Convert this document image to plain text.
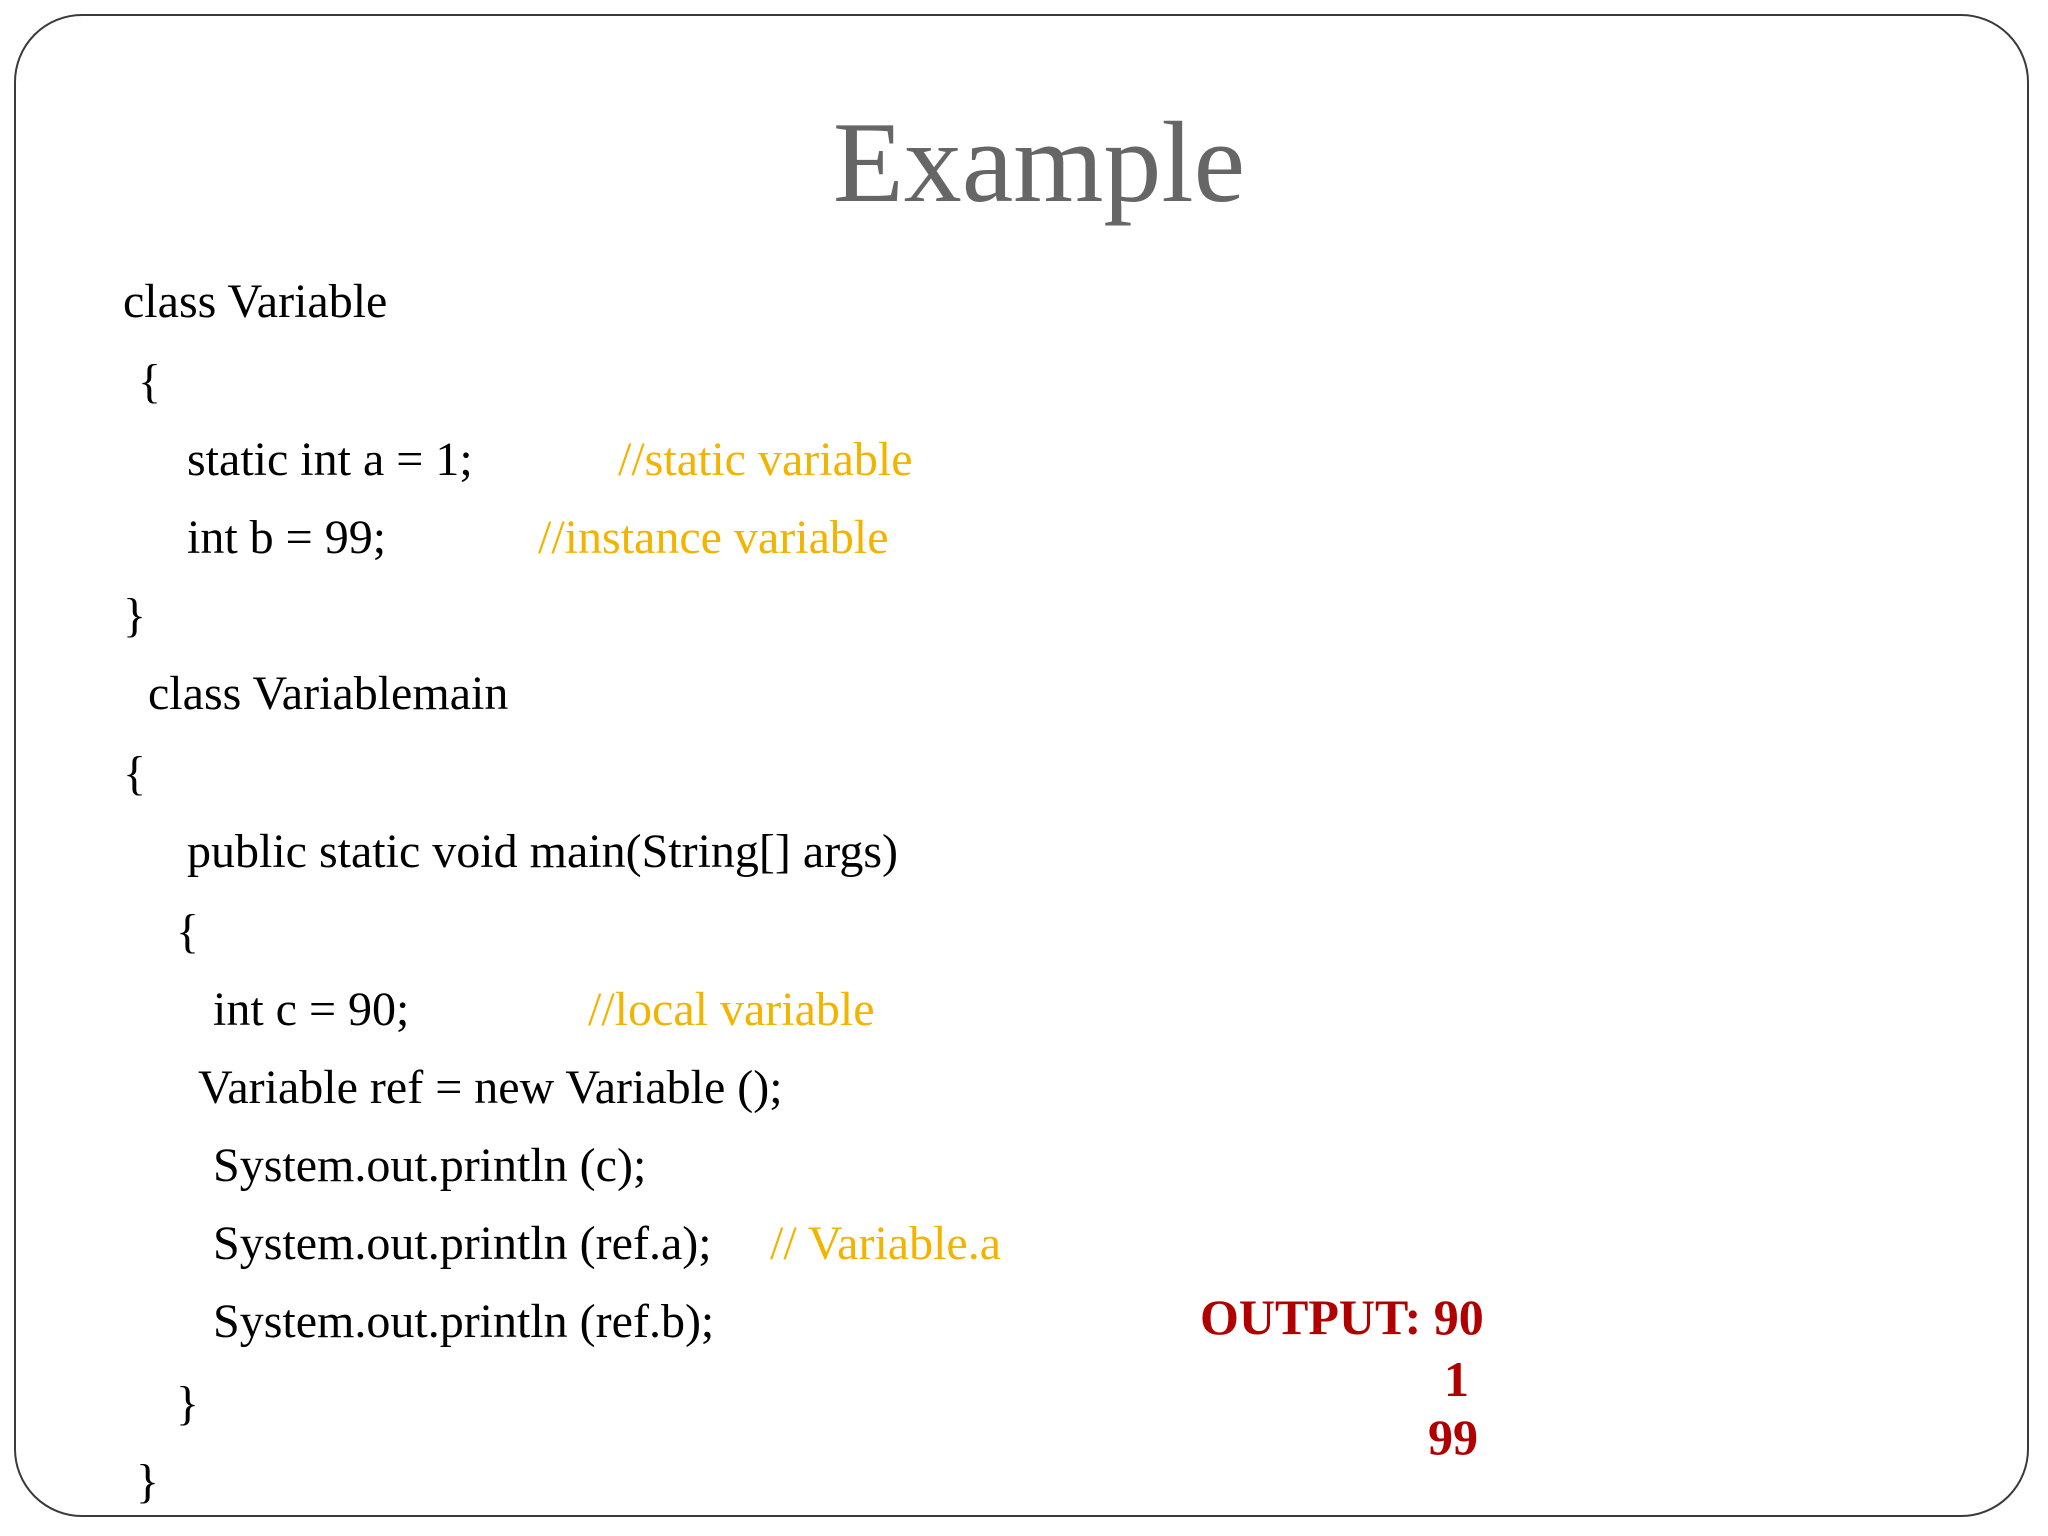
Example
class Variable
{
static int a = 1;	//static variable
int b = 99;	//instance variable
}
class Variablemain
{
public static void main(String[] args)
{
int c = 90;	//local variable
Variable ref = new Variable ();
System.out.println (c);
System.out.println (ref.a); // Variable.a
System.out.println (ref.b);
}
}
OUTPUT: 90
1
99
